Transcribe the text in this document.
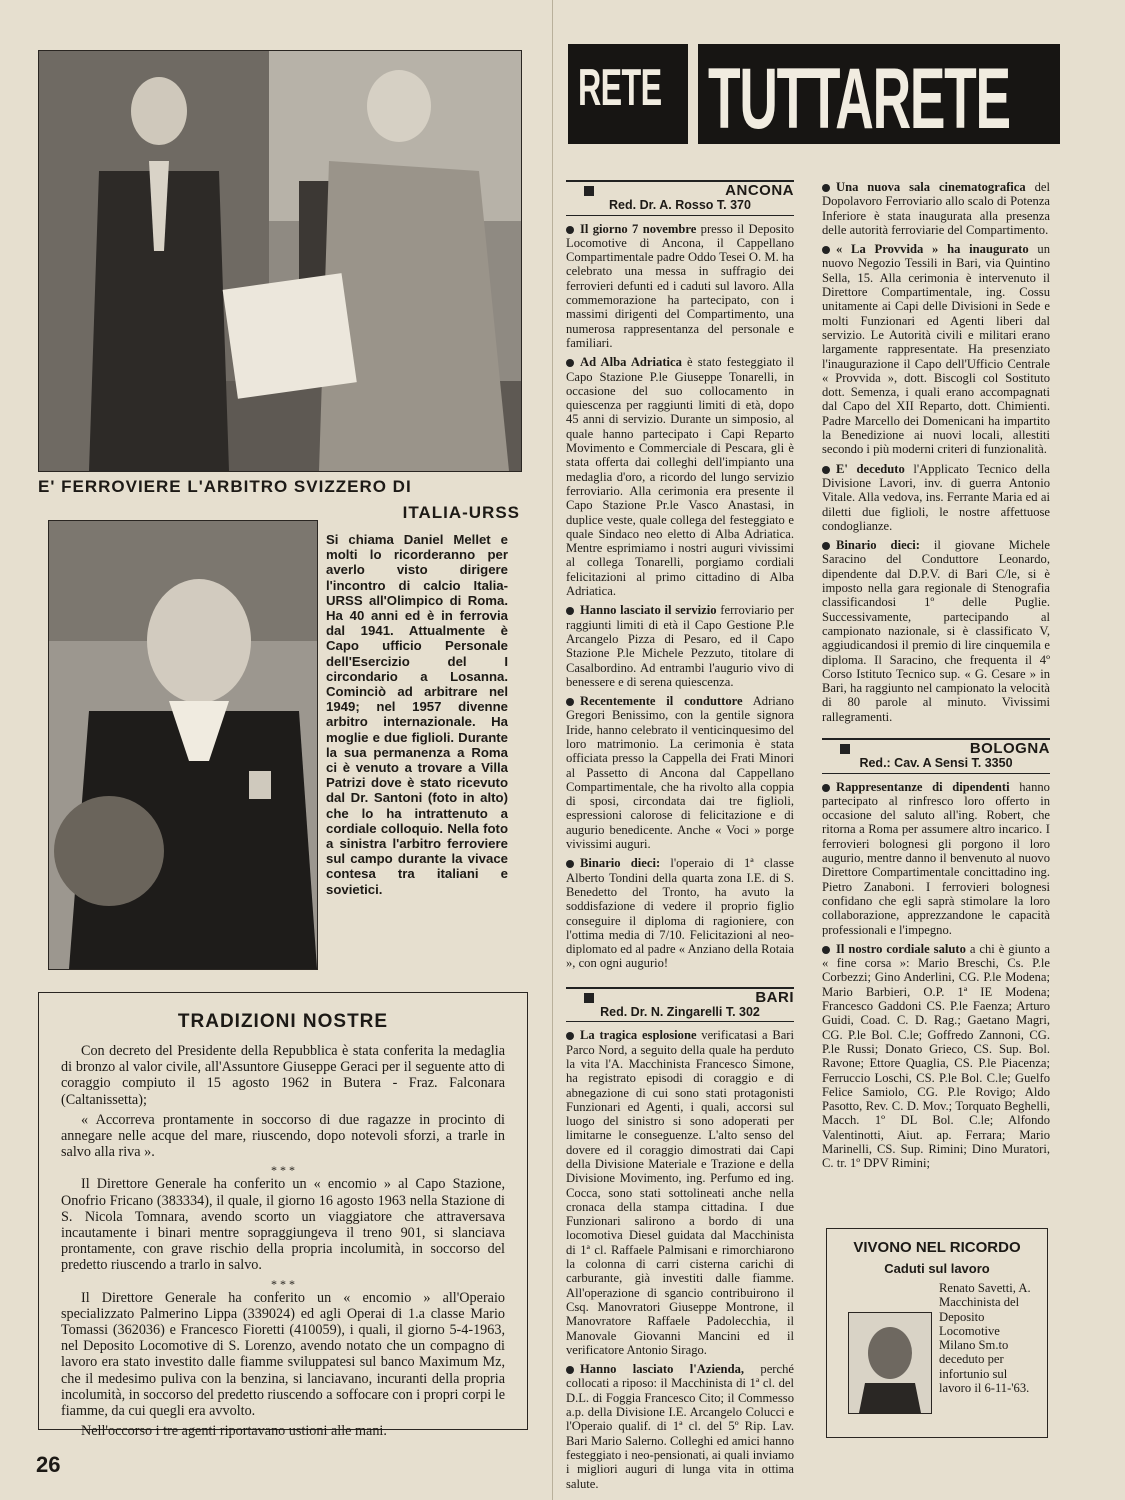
E' FERROVIERE L'ARBITRO SVIZZERO DI
ITALIA-URSS
Si chiama Daniel Mellet e molti lo ricorderanno per averlo visto dirigere l'incontro di calcio Italia-URSS all'Olimpico di Roma. Ha 40 anni ed è in ferrovia dal 1941. Attualmente è Capo ufficio Personale dell'Esercizio del I circondario a Losanna. Cominciò ad arbitrare nel 1949; nel 1957 divenne arbitro internazionale. Ha moglie e due figlioli. Durante la sua permanenza a Roma ci è venuto a trovare a Villa Patrizi dove è stato ricevuto dal Dr. Santoni (foto in alto) che lo ha intrattenuto a cordiale colloquio. Nella foto a sinistra l'arbitro ferroviere sul campo durante la vivace contesa tra italiani e sovietici.
TRADIZIONI NOSTRE

Con decreto del Presidente della Repubblica è stata conferita la medaglia di bronzo al valor civile, all'Assuntore Giuseppe Geraci per il seguente atto di coraggio compiuto il 15 agosto 1962 in Butera - Fraz. Falconara (Caltanissetta);

« Accorreva prontamente in soccorso di due ragazze in procinto di annegare nelle acque del mare, riuscendo, dopo notevoli sforzi, a trarle in salvo alla riva ».

* * *

Il Direttore Generale ha conferito un « encomio » al Capo Stazione, Onofrio Fricano (383334), il quale, il giorno 16 agosto 1963 nella Stazione di S. Nicola Tomnara, avendo scorto un viaggiatore che attraversava incautamente i binari mentre sopraggiungeva il treno 901, si slanciava prontamente, con grave rischio della propria incolumità, in soccorso del predetto riuscendo a trarlo in salvo.

* * *

Il Direttore Generale ha conferito un « encomio » all'Operaio specializzato Palmerino Lippa (339024) ed agli Operai di 1.a classe Mario Tomassi (362036) e Francesco Fioretti (410059), i quali, il giorno 5-4-1963, nel Deposito Locomotive di S. Lorenzo, avendo notato che un compagno di lavoro era stato investito dalle fiamme sviluppatesi sul banco Maximum Mz, che il medesimo puliva con la benzina, si lanciavano, incuranti della propria incolumità, in soccorso del predetto riuscendo a soffocare con i propri corpi le fiamme, da cui quegli era avvolto.

Nell'occorso i tre agenti riportavano ustioni alle mani.

26
RETE TUTTARETE
ANCONA
Red. Dr. A. Rosso T. 370

Il giorno 7 novembre presso il Deposito Locomotive di Ancona, il Cappellano Compartimentale padre Oddo Tesei O. M. ha celebrato una messa in suffragio dei ferrovieri defunti ed i caduti sul lavoro. Alla commemorazione ha partecipato, con i massimi dirigenti del Compartimento, una numerosa rappresentanza del personale e familiari.

Ad Alba Adriatica è stato festeggiato il Capo Stazione P.le Giuseppe Tonarelli, in occasione del suo collocamento in quiescenza per raggiunti limiti di età, dopo 45 anni di servizio. Durante un simposio, al quale hanno partecipato i Capi Reparto Movimento e Commerciale di Pescara, gli è stata offerta dai colleghi dell'impianto una medaglia d'oro, a ricordo del lungo servizio ferroviario. Alla cerimonia era presente il Capo Stazione Pr.le Vasco Anastasi, in duplice veste, quale collega del festeggiato e quale Sindaco neo eletto di Alba Adriatica. Mentre esprimiamo i nostri auguri vivissimi al collega Tonarelli, porgiamo cordiali felicitazioni al primo cittadino di Alba Adriatica.

Hanno lasciato il servizio ferroviario per raggiunti limiti di età il Capo Gestione P.le Arcangelo Pizza di Pesaro, ed il Capo Stazione P.le Michele Pezzuto, titolare di Casalbordino. Ad entrambi l'augurio vivo di benessere e di serena quiescenza.

Recentemente il conduttore Adriano Gregori Benissimo, con la gentile signora Iride, hanno celebrato il venticinquesimo del loro matrimonio. La cerimonia è stata officiata presso la Cappella dei Frati Minori al Passetto di Ancona dal Cappellano Compartimentale, che ha rivolto alla coppia di sposi, circondata dai tre figlioli, espressioni calorose di felicitazione e di augurio benedicente. Anche « Voci » porge vivissimi auguri.

Binario dieci: l'operaio di 1ª classe Alberto Tondini della quarta zona I.E. di S. Benedetto del Tronto, ha avuto la soddisfazione di vedere il proprio figlio conseguire il diploma di ragioniere, con l'ottima media di 7/10. Felicitazioni al neo-diplomato ed al padre « Anziano della Rotaia », con ogni augurio!

BARI
Red. Dr. N. Zingarelli T. 302

La tragica esplosione verificatasi a Bari Parco Nord, a seguito della quale ha perduto la vita l'A. Macchinista Francesco Simone, ha registrato episodi di coraggio e di abnegazione di cui sono stati protagonisti Funzionari ed Agenti, i quali, accorsi sul luogo del sinistro si sono adoperati per limitarne le conseguenze. L'alto senso del dovere ed il coraggio dimostrati dai Capi della Divisione Materiale e Trazione e della Divisione Movimento, ing. Perfumo ed ing. Cocca, sono stati sottolineati anche nella cronaca della stampa cittadina. I due Funzionari salirono a bordo di una locomotiva Diesel guidata dal Macchinista di 1ª cl. Raffaele Palmisani e rimorchiarono la colonna di carri cisterna carichi di carburante, già investiti dalle fiamme. All'operazione di sgancio contribuirono il Csq. Manovratori Giuseppe Montrone, il Manovratore Raffaele Padolecchia, il Manovale Giovanni Mancini ed il verificatore Antonio Sirago.

Hanno lasciato l'Azienda, perché collocati a riposo: il Macchinista di 1ª cl. del D.L. di Foggia Francesco Cito; il Commesso a.p. della Divisione I.E. Arcangelo Colucci e l'Operaio qualif. di 1ª cl. del 5º Rip. Lav. Bari Mario Salerno. Colleghi ed amici hanno festeggiato i neo-pensionati, ai quali inviamo i migliori auguri di lunga vita in ottima salute.

Una nuova sala cinematografica del Dopolavoro Ferroviario allo scalo di Potenza Inferiore è stata inaugurata alla presenza delle autorità ferroviarie del Compartimento.

« La Provvida » ha inaugurato un nuovo Negozio Tessili in Bari, via Quintino Sella, 15. Alla cerimonia è intervenuto il Direttore Compartimentale, ing. Cossu unitamente ai Capi delle Divisioni in Sede e molti Funzionari ed Agenti liberi dal servizio. Le Autorità civili e militari erano largamente rappresentate. Ha presenziato l'inaugurazione il Capo dell'Ufficio Centrale « Provvida », dott. Biscogli col Sostituto dott. Semenza, i quali erano accompagnati dal Capo del XII Reparto, dott. Chimienti. Padre Marcello dei Domenicani ha impartito la Benedizione ai nuovi locali, allestiti secondo i più moderni criteri di funzionalità.

E' deceduto l'Applicato Tecnico della Divisione Lavori, inv. di guerra Antonio Vitale. Alla vedova, ins. Ferrante Maria ed ai diletti due figlioli, le nostre affettuose condoglianze.

Binario dieci: il giovane Michele Saracino del Conduttore Leonardo, dipendente dal D.P.V. di Bari C/le, si è imposto nella gara regionale di Stenografia classificandosi 1º delle Puglie. Successivamente, partecipando al campionato nazionale, si è classificato V, aggiudicandosi il premio di lire cinquemila e diploma. Il Saracino, che frequenta il 4º Corso Istituto Tecnico sup. « G. Cesare » in Bari, ha raggiunto nel campionato la velocità di 80 parole al minuto. Vivissimi rallegramenti.

BOLOGNA
Red.: Cav. A Sensi T. 3350

Rappresentanze di dipendenti hanno partecipato al rinfresco loro offerto in occasione del saluto all'ing. Robert, che ritorna a Roma per assumere altro incarico. I ferrovieri bolognesi gli porgono il loro augurio, mentre danno il benvenuto al nuovo Direttore Compartimentale concittadino ing. Pietro Zanaboni. I ferrovieri bolognesi confidano che egli saprà stimolare la loro collaborazione, apprezzandone le capacità professionali e l'impegno.

Il nostro cordiale saluto a chi è giunto a « fine corsa »: Mario Breschi, Cs. P.le Corbezzi; Gino Anderlini, CG. P.le Modena; Mario Barbieri, O.P. 1ª IE Modena; Francesco Gaddoni CS. P.le Faenza; Arturo Guidi, Coad. C. D. Rag.; Gaetano Magri, CG. P.le Bol. C.le; Goffredo Zannoni, CG. P.le Russi; Donato Grieco, CS. Sup. Bol. Ravone; Ettore Quaglia, CS. P.le Piacenza; Ferruccio Loschi, CS. P.le Bol. C.le; Guelfo Felice Samiolo, CG. P.le Rovigo; Aldo Pasotto, Rev. C. D. Mov.; Torquato Beghelli, Macch. 1º DL Bol. C.le; Alfondo Valentinotti, Aiut. ap. Ferrara; Mario Marinelli, CS. Sup. Rimini; Dino Muratori, C. tr. 1º DPV Rimini;

VIVONO NEL RICORDO
Caduti sul lavoro
Renato Savetti, A. Macchinista del Deposito Locomotive Milano Sm.to deceduto per infortunio sul lavoro il 6-11-'63.
